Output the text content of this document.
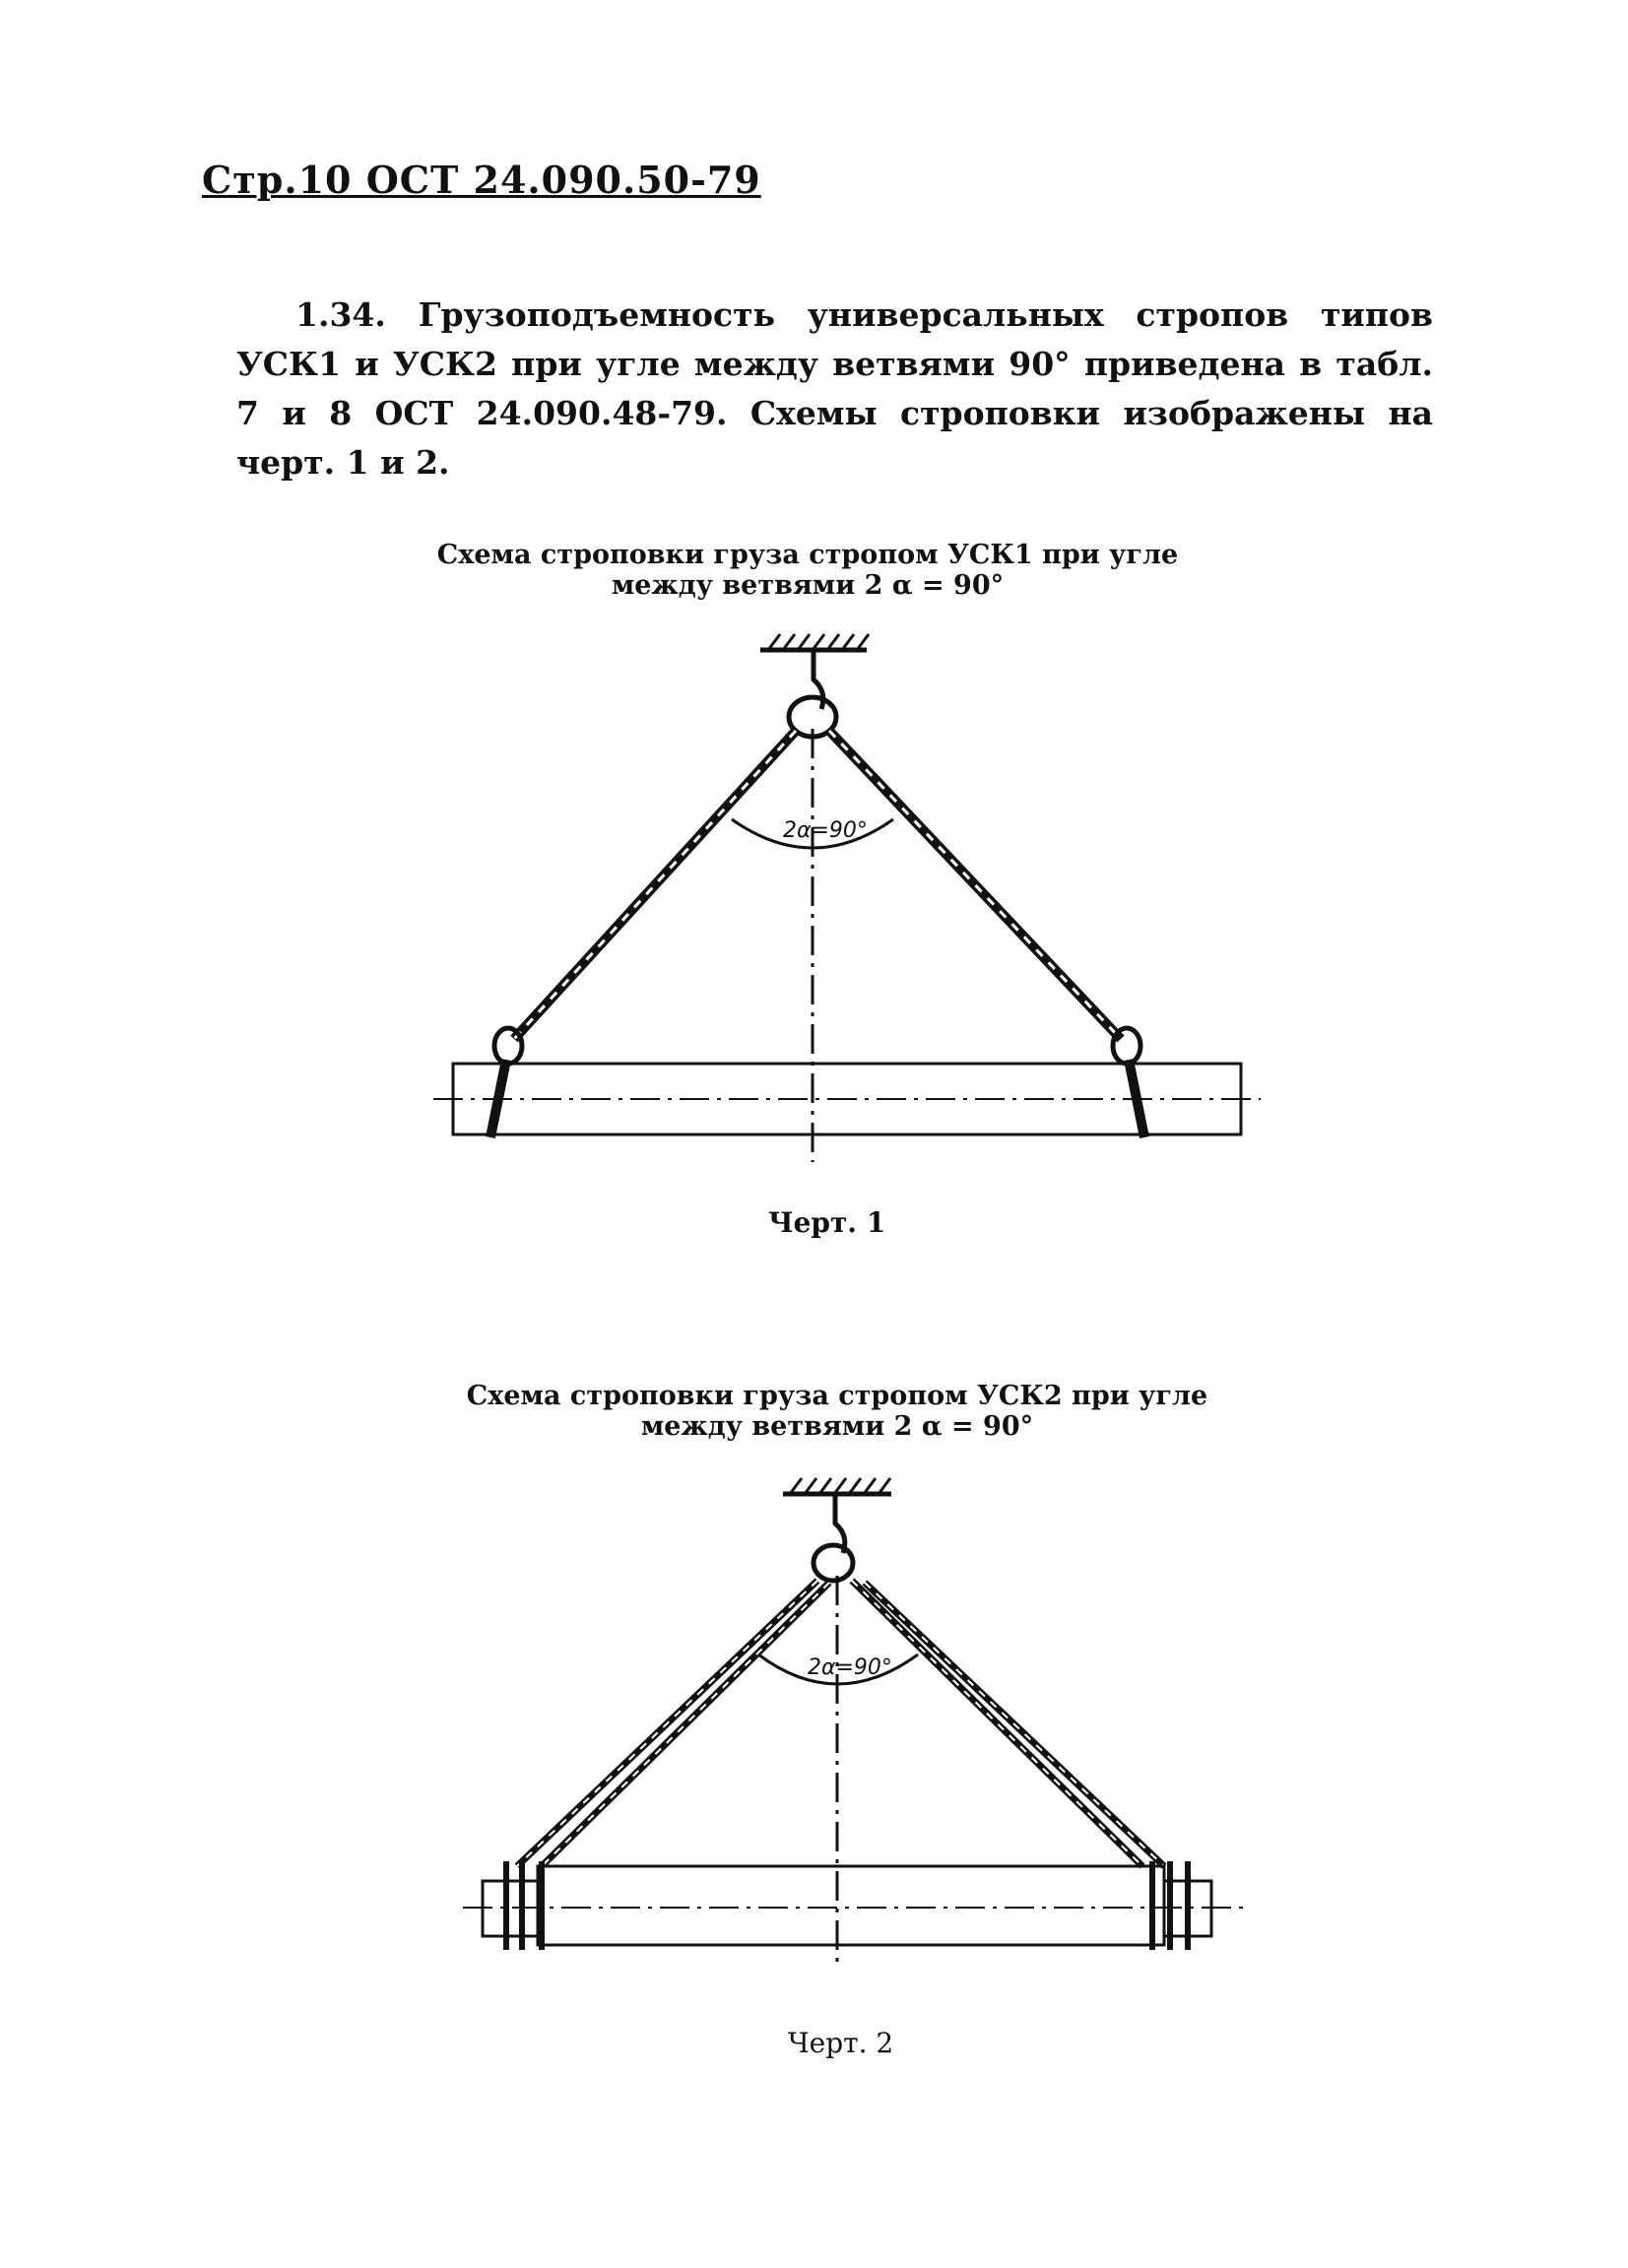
Стр.10 ОСТ 24.090.50-79
1.34. Грузоподъемность универсальных стропов типов УСК1 и УСК2 при угле между ветвями 90° приведена в табл. 7 и 8 ОСТ 24.090.48-79. Схемы строповки изображены на черт. 1 и 2.
Схема строповки груза стропом УСК1 при угле
между ветвями 2 α = 90°
2α=90°
Черт. 1
Схема строповки груза стропом УСК2 при угле
между ветвями 2 α = 90°
2α=90°
Черт. 2
